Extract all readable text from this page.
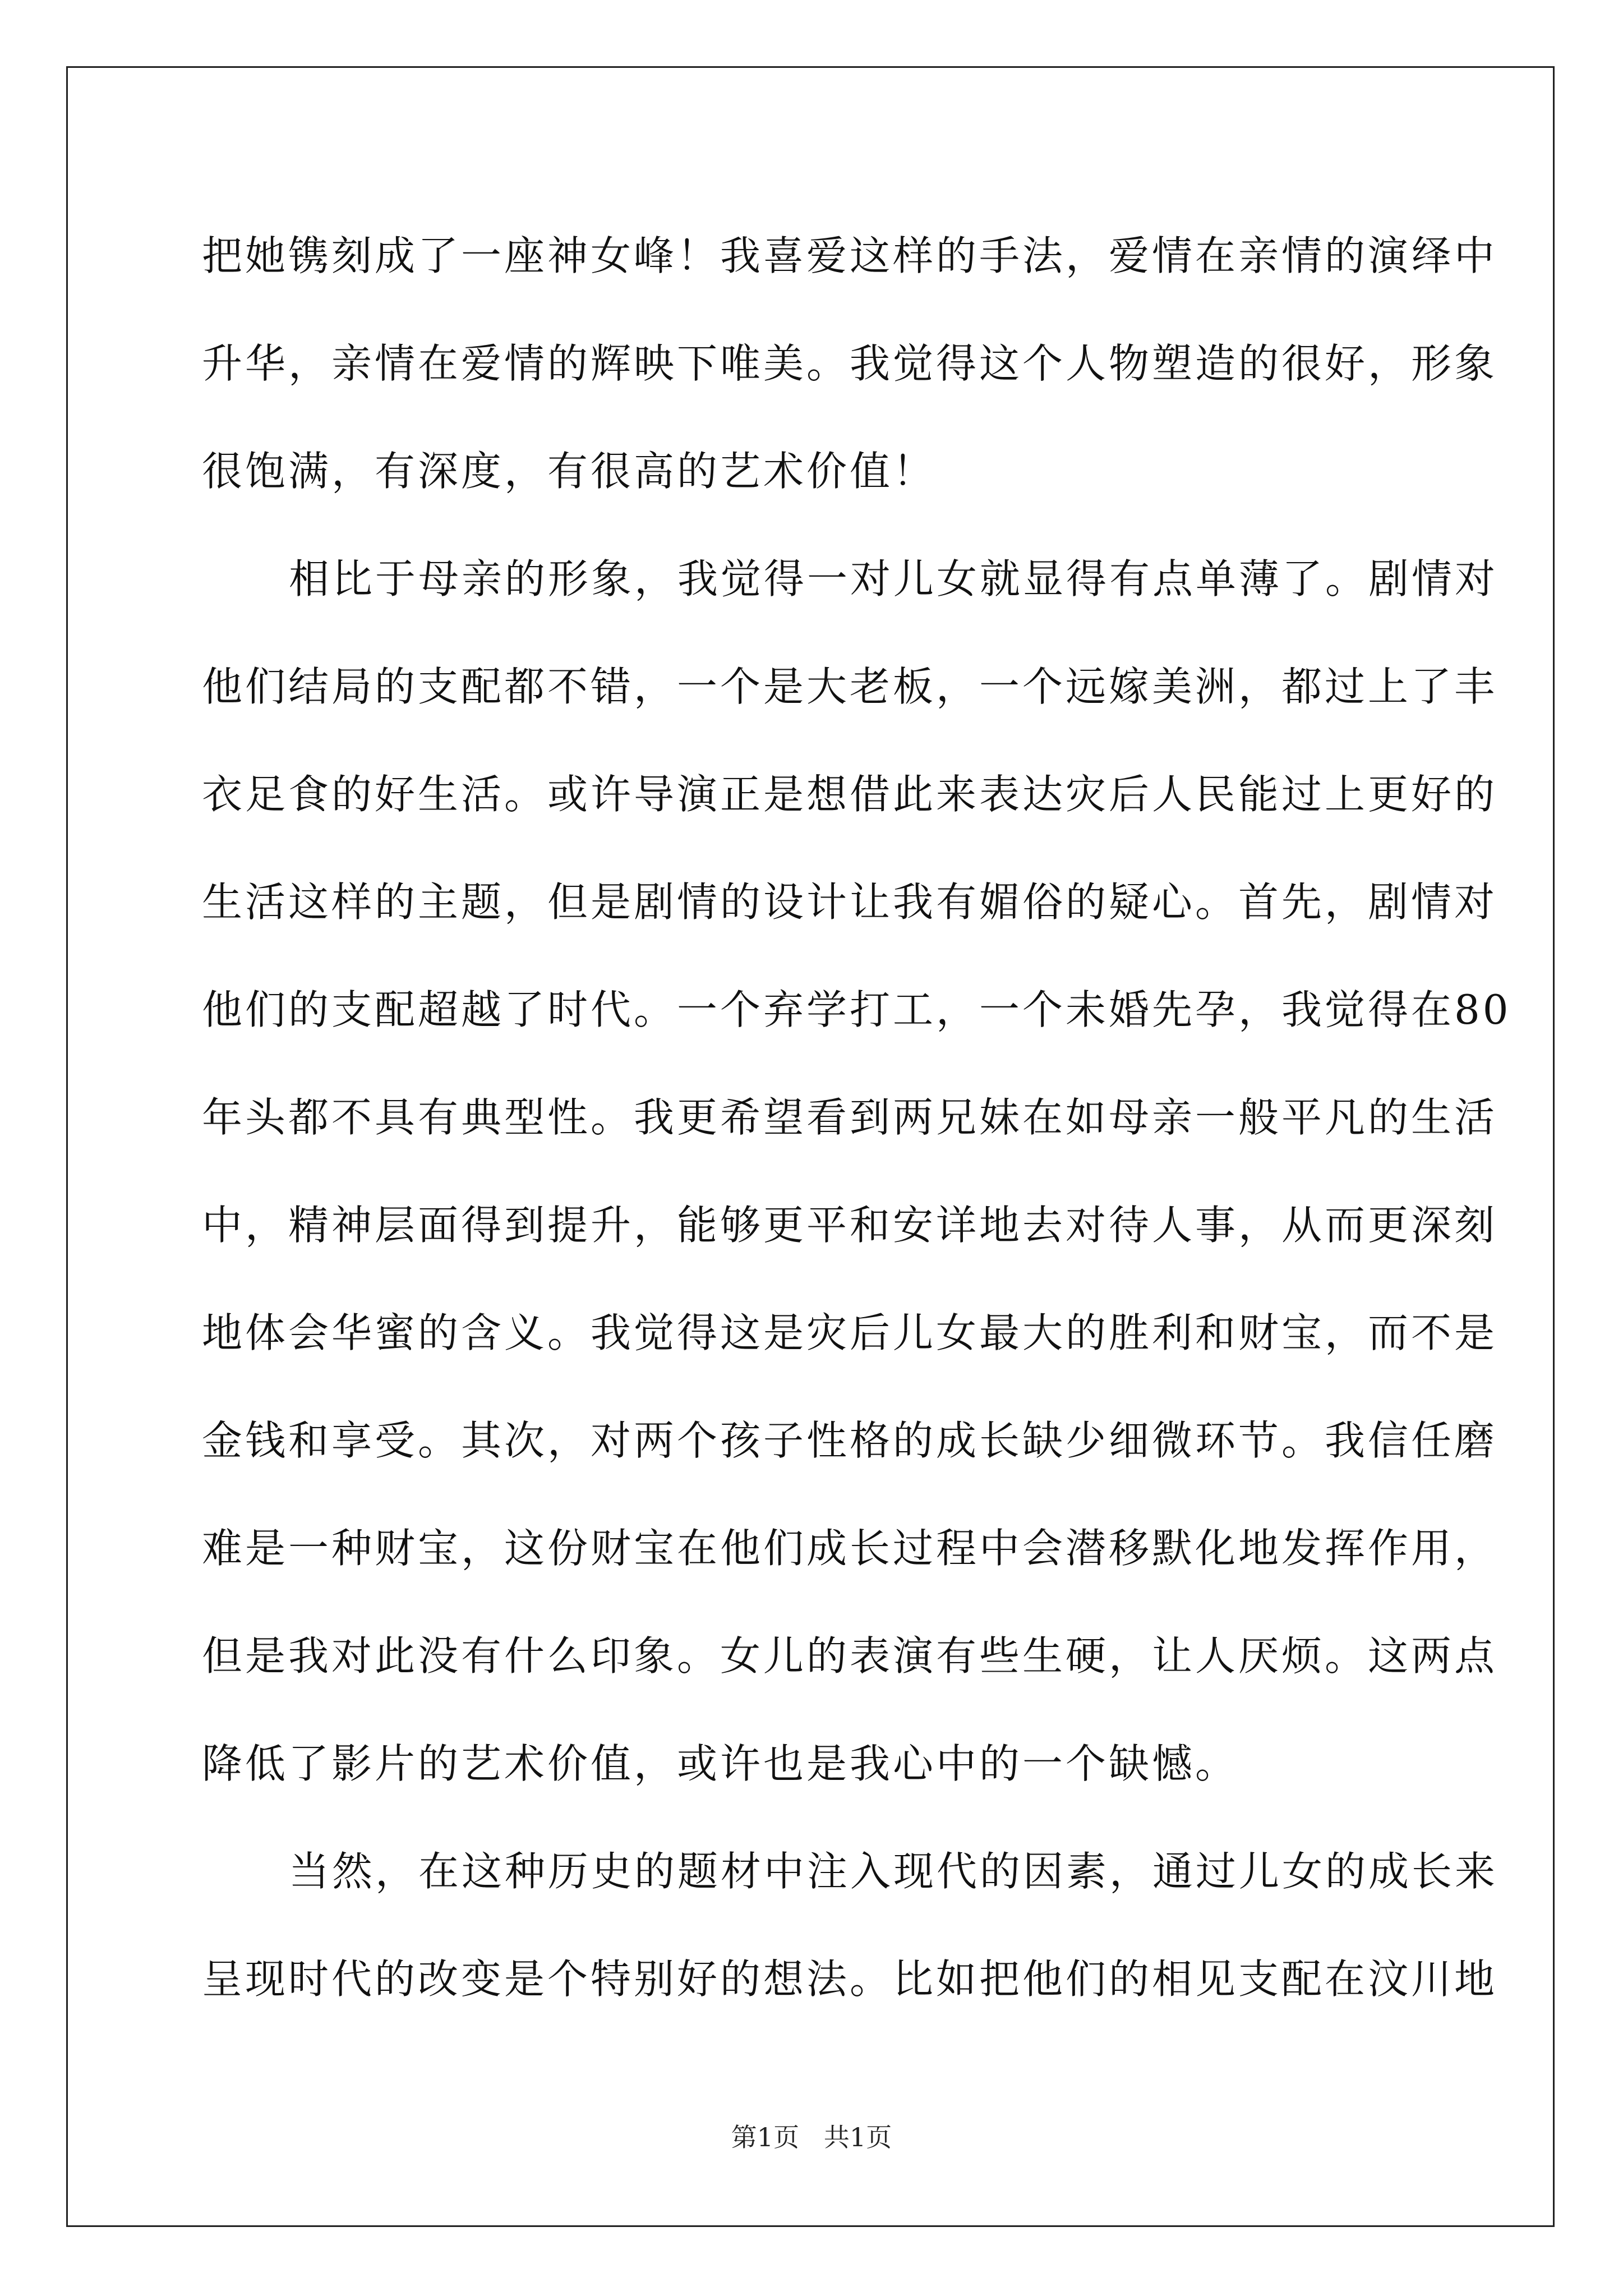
把她镌刻成了一座神女峰！我喜爱这样的手法，爱情在亲情的演绎中
升华，亲情在爱情的辉映下唯美。我觉得这个人物塑造的很好，形象
很饱满，有深度，有很高的艺术价值！
相比于母亲的形象，我觉得一对儿女就显得有点单薄了。剧情对
他们结局的支配都不错，一个是大老板，一个远嫁美洲，都过上了丰
衣足食的好生活。或许导演正是想借此来表达灾后人民能过上更好的
生活这样的主题，但是剧情的设计让我有媚俗的疑心。首先，剧情对
他们的支配超越了时代。一个弃学打工，一个未婚先孕，我觉得在80
年头都不具有典型性。我更希望看到两兄妹在如母亲一般平凡的生活
中，精神层面得到提升，能够更平和安详地去对待人事，从而更深刻
地体会华蜜的含义。我觉得这是灾后儿女最大的胜利和财宝，而不是
金钱和享受。其次，对两个孩子性格的成长缺少细微环节。我信任磨
难是一种财宝，这份财宝在他们成长过程中会潜移默化地发挥作用，
但是我对此没有什么印象。女儿的表演有些生硬，让人厌烦。这两点
降低了影片的艺术价值，或许也是我心中的一个缺憾。
当然，在这种历史的题材中注入现代的因素，通过儿女的成长来
呈现时代的改变是个特别好的想法。比如把他们的相见支配在汶川地
第1页   共1页
